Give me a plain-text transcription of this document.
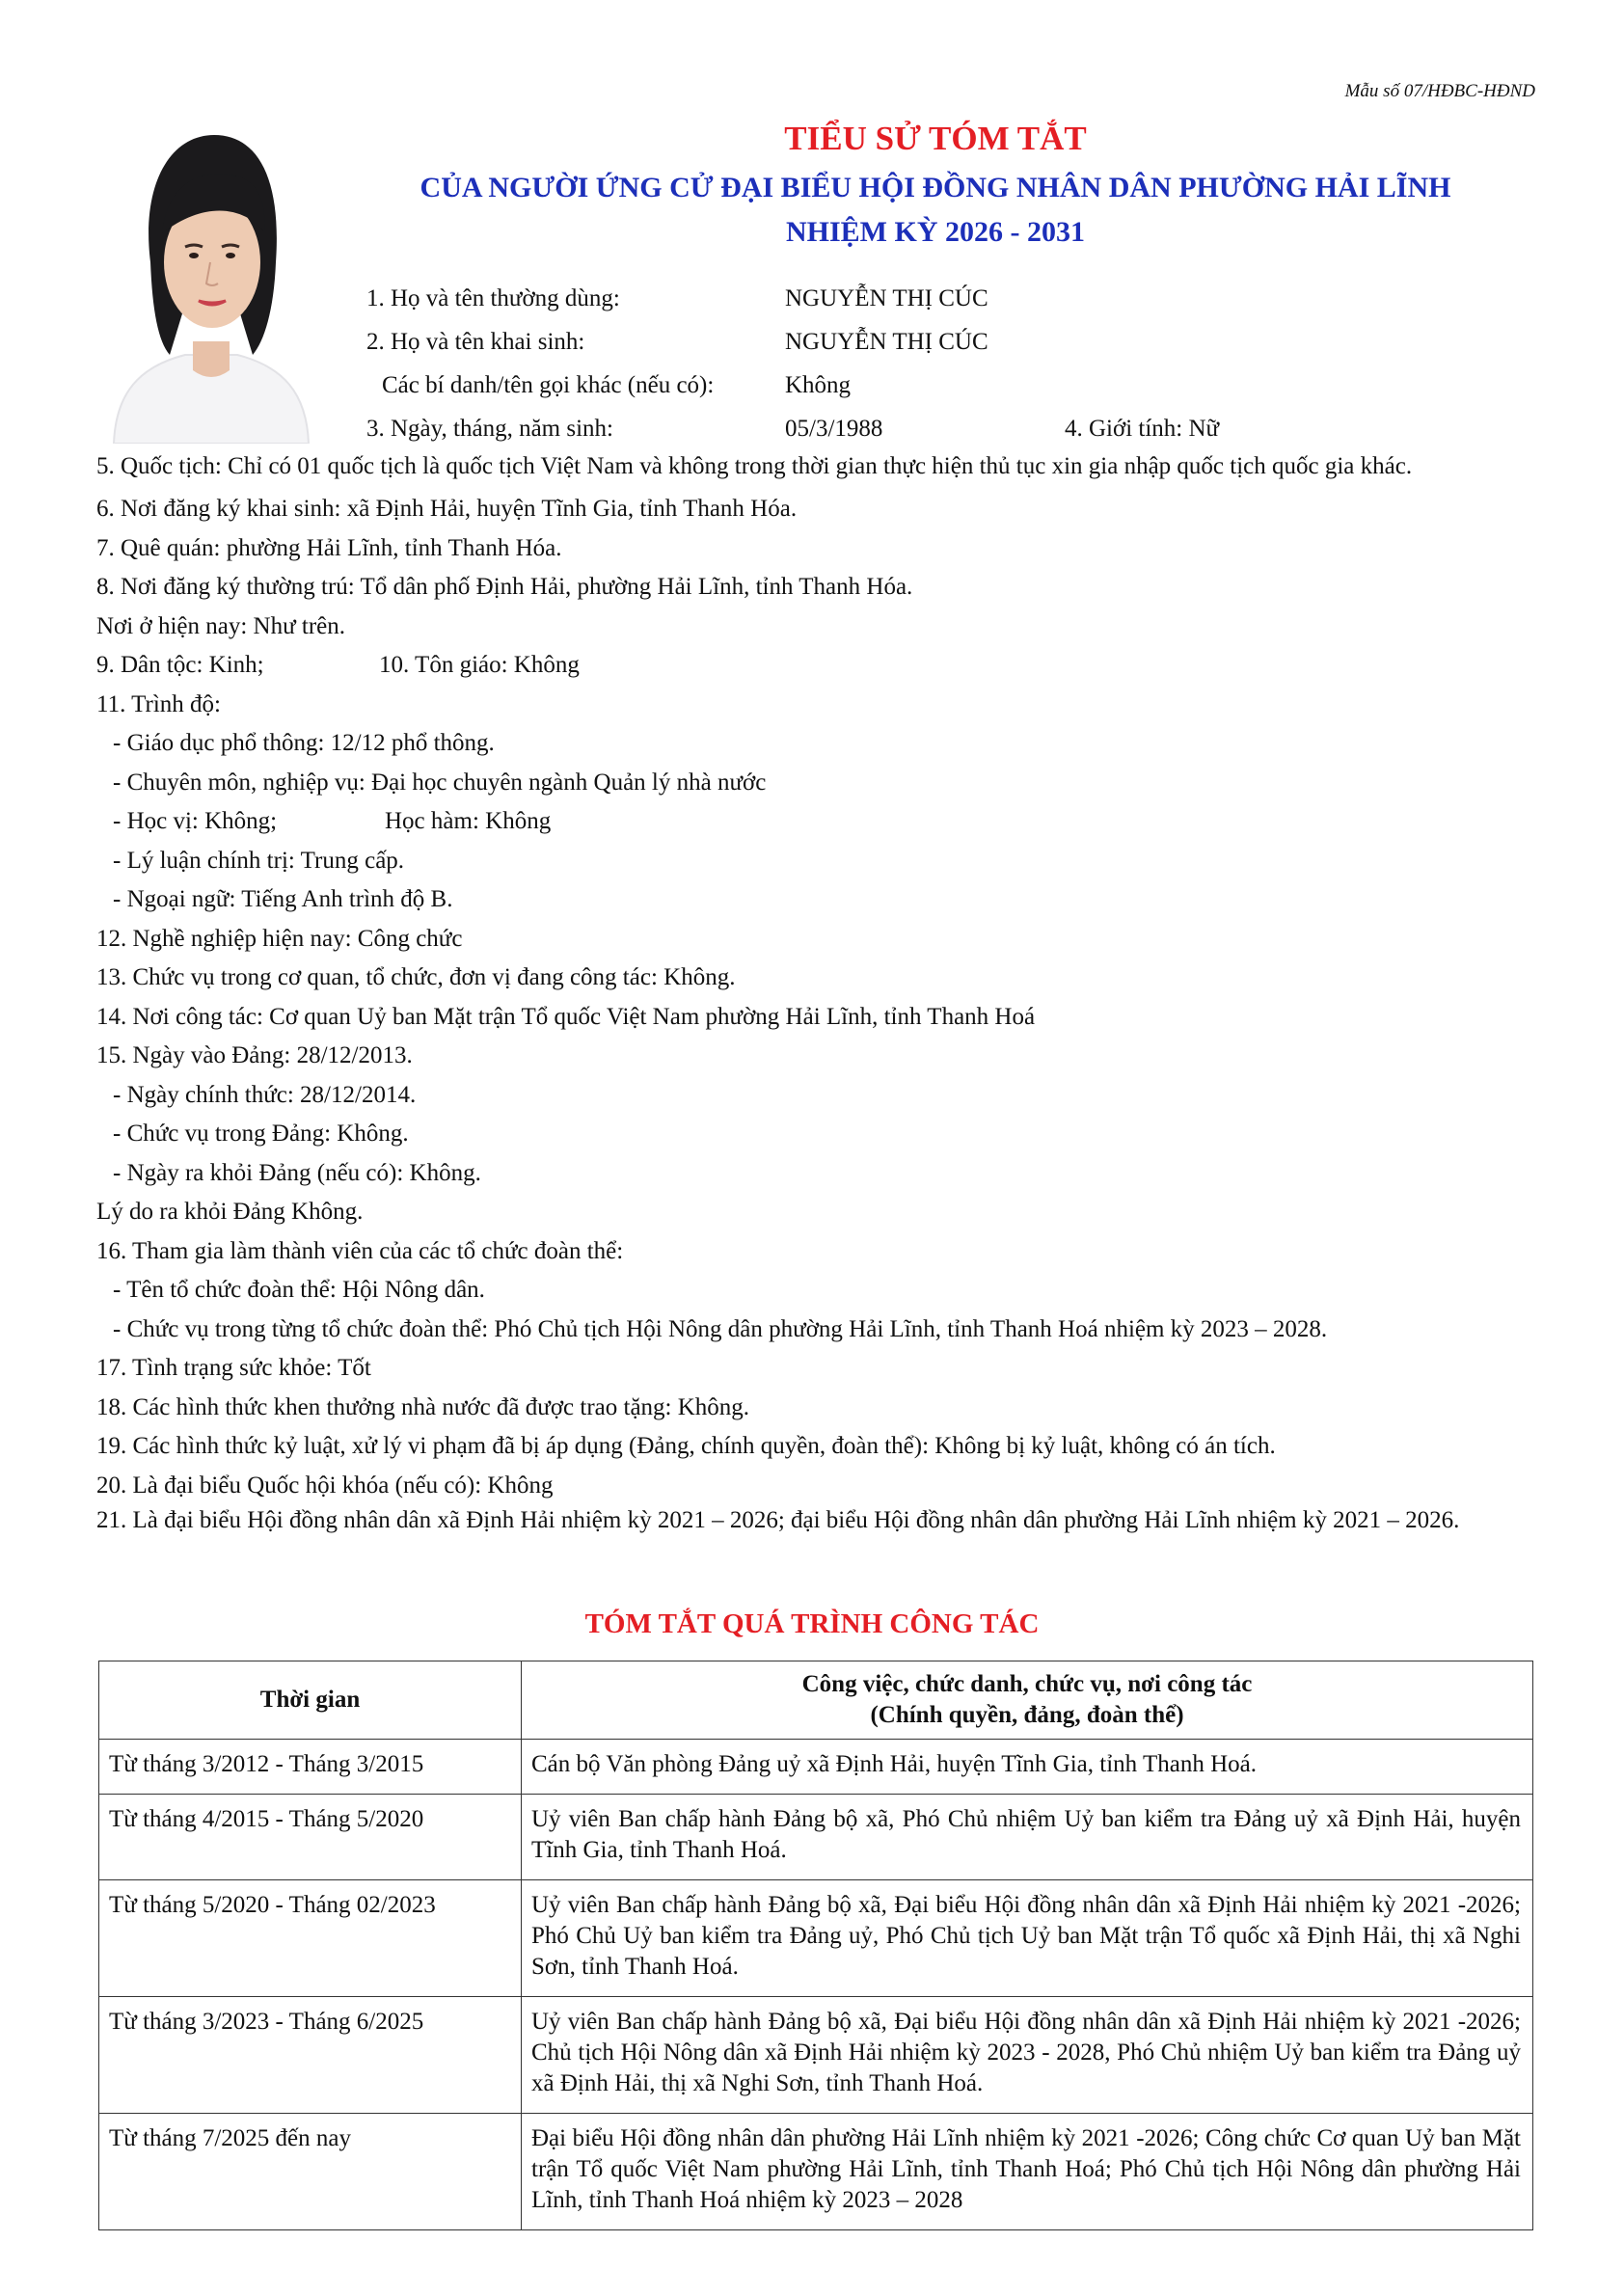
Mẫu số 07/HĐBC-HĐND
TIỂU SỬ TÓM TẮT
CỦA NGƯỜI ỨNG CỬ ĐẠI BIỂU HỘI ĐỒNG NHÂN DÂN PHƯỜNG HẢI LĨNH
NHIỆM KỲ 2026 - 2031
1. Họ và tên thường dùng:	NGUYỄN THỊ CÚC
2. Họ và tên khai sinh:	NGUYỄN THỊ CÚC
Các bí danh/tên gọi khác (nếu có):	Không
3. Ngày, tháng, năm sinh:	05/3/1988	4. Giới tính: Nữ

5. Quốc tịch: Chỉ có 01 quốc tịch là quốc tịch Việt Nam và không trong thời gian thực hiện thủ tục xin gia nhập quốc tịch quốc gia khác.

6. Nơi đăng ký khai sinh: xã Định Hải, huyện Tĩnh Gia, tỉnh Thanh Hóa.

7. Quê quán: phường Hải Lĩnh, tỉnh Thanh Hóa.

8. Nơi đăng ký thường trú: Tổ dân phố Định Hải, phường Hải Lĩnh, tỉnh Thanh Hóa.

Nơi ở hiện nay: Như trên.

9. Dân tộc: Kinh;	10. Tôn giáo: Không

11. Trình độ:

- Giáo dục phổ thông: 12/12 phổ thông.

- Chuyên môn, nghiệp vụ: Đại học chuyên ngành Quản lý nhà nước

- Học vị: Không;	Học hàm: Không

- Lý luận chính trị: Trung cấp.

- Ngoại ngữ: Tiếng Anh trình độ B.

12. Nghề nghiệp hiện nay: Công chức

13. Chức vụ trong cơ quan, tổ chức, đơn vị đang công tác: Không.

14. Nơi công tác: Cơ quan Uỷ ban Mặt trận Tổ quốc Việt Nam phường Hải Lĩnh, tỉnh Thanh Hoá

15. Ngày vào Đảng: 28/12/2013.

- Ngày chính thức: 28/12/2014.

- Chức vụ trong Đảng: Không.

- Ngày ra khỏi Đảng (nếu có): Không.

Lý do ra khỏi Đảng Không.

16. Tham gia làm thành viên của các tổ chức đoàn thể:

- Tên tổ chức đoàn thể: Hội Nông dân.

- Chức vụ trong từng tổ chức đoàn thể: Phó Chủ tịch Hội Nông dân phường Hải Lĩnh, tỉnh Thanh Hoá nhiệm kỳ 2023 – 2028.

17. Tình trạng sức khỏe: Tốt

18. Các hình thức khen thưởng nhà nước đã được trao tặng: Không.

19. Các hình thức kỷ luật, xử lý vi phạm đã bị áp dụng (Đảng, chính quyền, đoàn thể): Không bị kỷ luật, không có án tích.

20. Là đại biểu Quốc hội khóa (nếu có): Không

21. Là đại biểu Hội đồng nhân dân xã Định Hải nhiệm kỳ 2021 – 2026; đại biểu Hội đồng nhân dân phường Hải Lĩnh nhiệm kỳ 2021 – 2026.

TÓM TẮT QUÁ TRÌNH CÔNG TÁC
Thời gian	Công việc, chức danh, chức vụ, nơi công tác
(Chính quyền, đảng, đoàn thể)

Từ tháng 3/2012 - Tháng 3/2015	Cán bộ Văn phòng Đảng uỷ xã Định Hải, huyện Tĩnh Gia, tỉnh Thanh Hoá.
Từ tháng 4/2015 - Tháng 5/2020	Uỷ viên Ban chấp hành Đảng bộ xã, Phó Chủ nhiệm Uỷ ban kiểm tra Đảng uỷ xã Định Hải, huyện Tĩnh Gia, tỉnh Thanh Hoá.
Từ tháng 5/2020 - Tháng 02/2023	Uỷ viên Ban chấp hành Đảng bộ xã, Đại biểu Hội đồng nhân dân xã Định Hải nhiệm kỳ 2021 -2026; Phó Chủ Uỷ ban kiểm tra Đảng uỷ, Phó Chủ tịch Uỷ ban Mặt trận Tổ quốc xã Định Hải, thị xã Nghi Sơn, tỉnh Thanh Hoá.
Từ tháng 3/2023 - Tháng 6/2025	Uỷ viên Ban chấp hành Đảng bộ xã, Đại biểu Hội đồng nhân dân xã Định Hải nhiệm kỳ 2021 -2026; Chủ tịch Hội Nông dân xã Định Hải nhiệm kỳ 2023 - 2028, Phó Chủ nhiệm Uỷ ban kiểm tra Đảng uỷ xã Định Hải, thị xã Nghi Sơn, tỉnh Thanh Hoá.
Từ tháng 7/2025 đến nay	Đại biểu Hội đồng nhân dân phường Hải Lĩnh nhiệm kỳ 2021 -2026; Công chức Cơ quan Uỷ ban Mặt trận Tổ quốc Việt Nam phường Hải Lĩnh, tỉnh Thanh Hoá; Phó Chủ tịch Hội Nông dân phường Hải Lĩnh, tỉnh Thanh Hoá nhiệm kỳ 2023 – 2028
